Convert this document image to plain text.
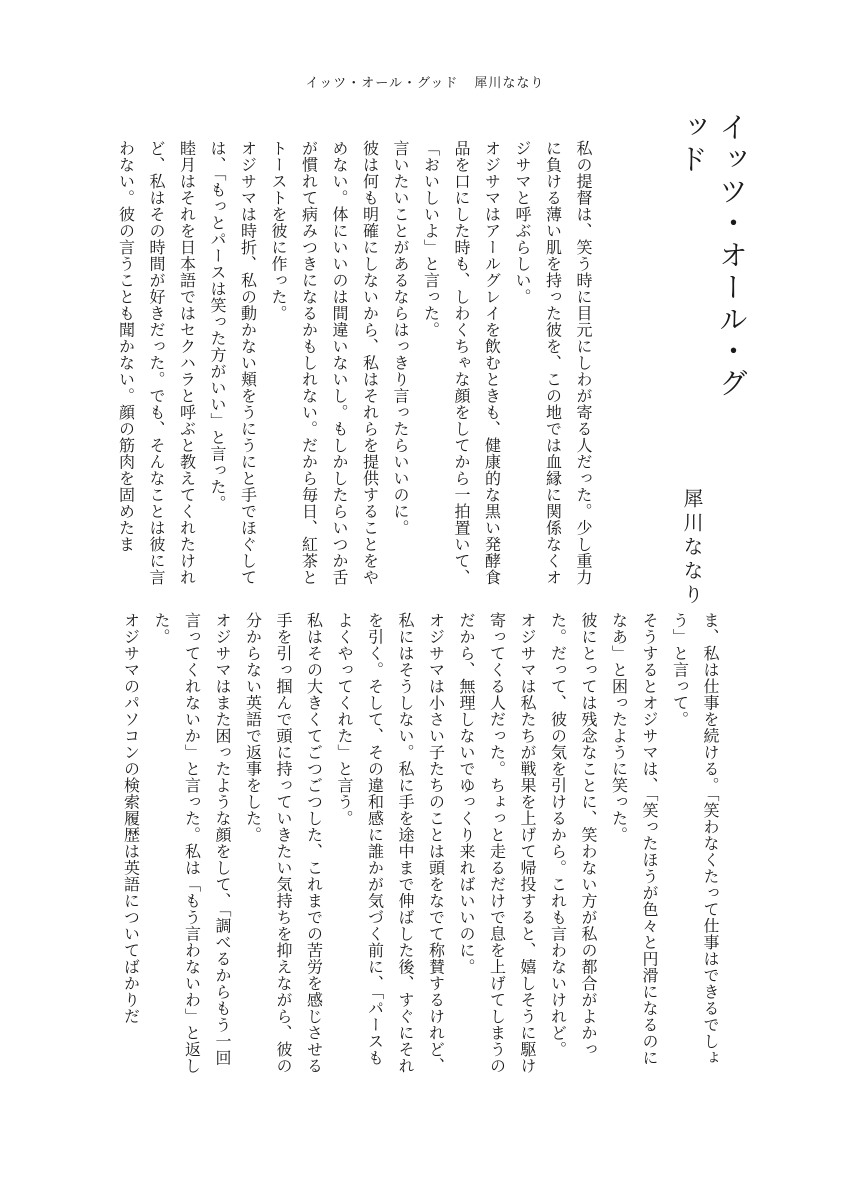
イッツ・オール・グッド 犀川ななり
イッツ・オール・グッド
犀川ななり

私の提督は、笑う時に目元にしわが寄る人だった。少し重力に負ける薄い肌を持った彼を、この地では血縁に関係なくオジサマと呼ぶらしい。

オジサマはアールグレイを飲むときも、健康的な黒い発酵食品を口にした時も、しわくちゃな顔をしてから一拍置いて、「おいしいよ」と言った。

言いたいことがあるならはっきり言ったらいいのに。

彼は何も明確にしないから、私はそれらを提供することをやめない。体にいいのは間違いないし。もしかしたらいつか舌が慣れて病みつきになるかもしれない。だから毎日、紅茶とトーストを彼に作った。

オジサマは時折、私の動かない頬をうにうにと手でほぐしては、「もっとパースは笑った方がいい」と言った。

睦月はそれを日本語ではセクハラと呼ぶと教えてくれたけれど、私はその時間が好きだった。でも、そんなことは彼に言わない。彼の言うことも聞かない。顔の筋肉を固めたま

ま、私は仕事を続ける。「笑わなくたって仕事はできるでしょう」と言って。

そうするとオジサマは、「笑ったほうが色々と円滑になるのになあ」と困ったように笑った。

彼にとっては残念なことに、笑わない方が私の都合がよかった。だって、彼の気を引けるから。これも言わないけれど。

オジサマは私たちが戦果を上げて帰投すると、嬉しそうに駆け寄ってくる人だった。ちょっと走るだけで息を上げてしまうのだから、無理しないでゆっくり来ればいいのに。

オジサマは小さい子たちのことは頭をなでて称賛するけれど、私にはそうしない。私に手を途中まで伸ばした後、すぐにそれを引く。そして、その違和感に誰かが気づく前に、「パースもよくやってくれた」と言う。

私はその大きくてごつごつした、これまでの苦労を感じさせる手を引っ掴んで頭に持っていきたい気持ちを抑えながら、彼の分からない英語で返事をした。

オジサマはまた困ったような顔をして、「調べるからもう一回言ってくれないか」と言った。私は「もう言わないわ」と返した。

オジサマのパソコンの検索履歴は英語についてばかりだ
